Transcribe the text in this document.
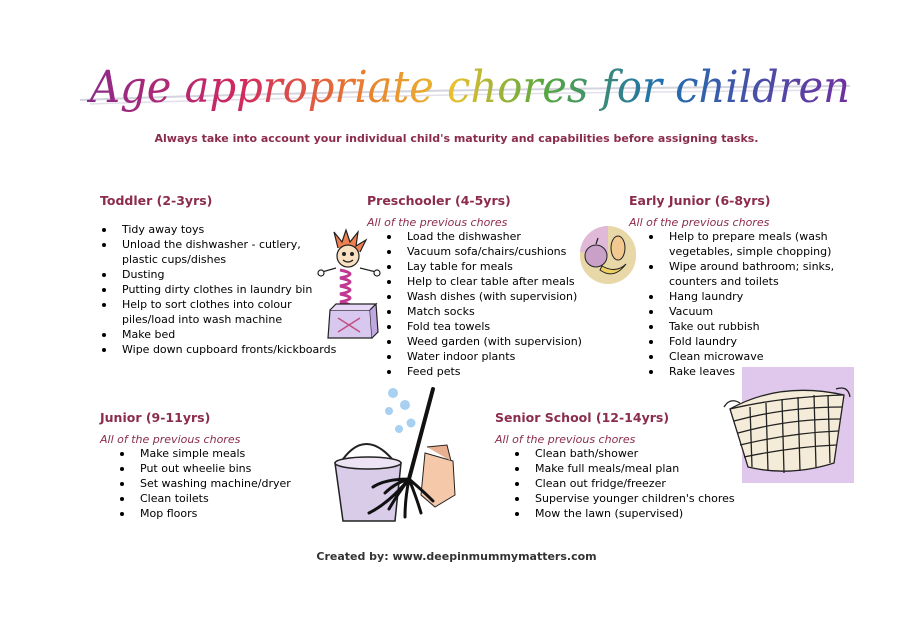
Age appropriate chores for children
Always take into account your individual child's maturity and capabilities before assigning tasks.

Toddler (2-3yrs)

Tidy away toys
Unload the dishwasher - cutlery, plastic cups/dishes
Dusting
Putting dirty clothes in laundry bin
Help to sort clothes into colour piles/load into wash machine
Make bed
Wipe down cupboard fronts/kickboards

Preschooler (4-5yrs)

All of the previous chores

Load the dishwasher
Vacuum sofa/chairs/cushions
Lay table for meals
Help to clear table after meals
Wash dishes (with supervision)
Match socks
Fold tea towels
Weed garden (with supervision)
Water indoor plants
Feed pets

Early Junior (6-8yrs)

All of the previous chores

Help to prepare meals (wash vegetables, simple chopping)
Wipe around bathroom; sinks, counters and toilets
Hang laundry
Vacuum
Take out rubbish
Fold laundry
Clean microwave
Rake leaves

Junior (9-11yrs)

All of the previous chores

Make simple meals
Put out wheelie bins
Set washing machine/dryer
Clean toilets
Mop floors

Senior School (12-14yrs)

All of the previous chores

Clean bath/shower
Make full meals/meal plan
Clean out fridge/freezer
Supervise younger children's chores
Mow the lawn (supervised)
Created by: www.deepinmummymatters.com
